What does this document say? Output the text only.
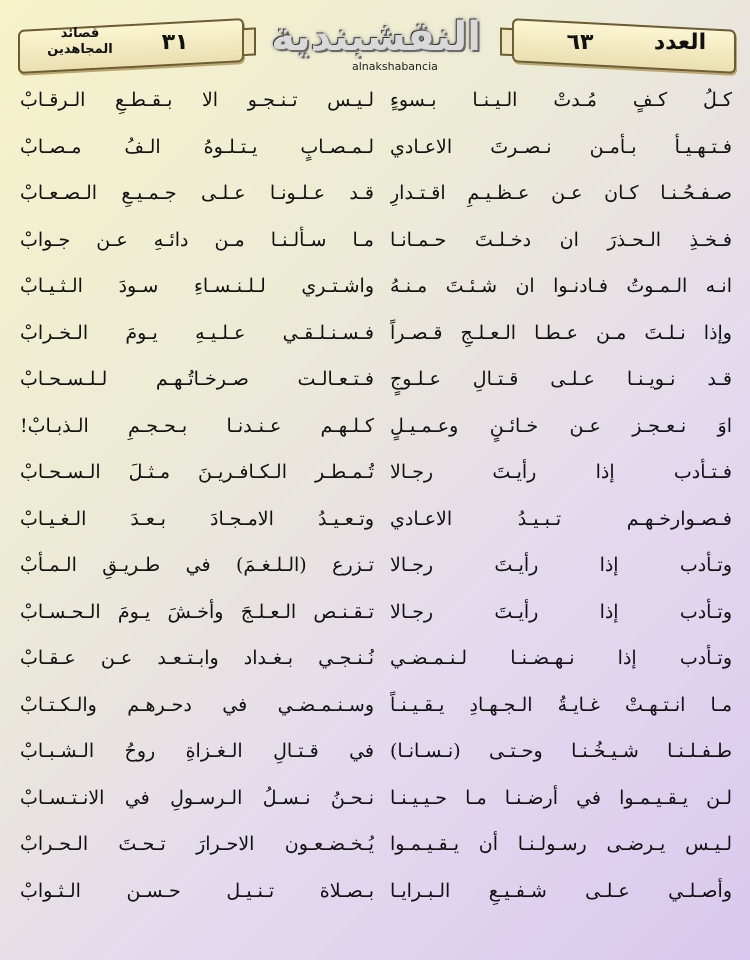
قصائد المجاهدين	٣١	النقشبندية
alnakshabancia
٦٣	العدد
كـلُ كـفٍ مُـدتْ الـيـنـا بـسوءٍ
لـيـس تـنـجـو الا بـقـطـعِ الـرقـابْ
فـتـهـيـأ بـأمـن نـصـرتَ الاعـادي
لـمـصـابٍ يـتـلـوهُ الـفُ مـصـابْ
صـفـحُـنـا كـان عـن عـظـيـمِ اقـتـدارِ
قـد عـلـونـا عـلـى جـمـيـعِ الـصـعـابْ
فـخـذِ الـحـذرَ ان دخـلـتَ حـمـانـا
مـا سـألـنـا مـن دائـهِ عـن جـوابْ
انـه الـمـوتُ فـادنـوا ان شـئـتَ مـنـهُ
واشـتـري لـلـنـسـاءِ سـودَ الـثـيـابْ
وإذا نـلـتَ مـن عـطـا الـعـلـجِ قـصـراً
فـسـنـلـقـي عـلـيـهِ يـومَ الـخـرابْ
قـد نـويـنـا عـلـى قـتـالِ عـلـوجٍ
فـتـعـالـت صـرخـاتُـهـم لـلـسـحـابْ
اوَ نـعـجـز عـن خـائـنٍ وعـمـيـلٍ
كـلـهـم عـنـدنـا بـحـجـمِ الـذبـابْ!
فـتـأدب إذا رأيـتَ رجـالا
تُـمـطـر الـكـافـريـنَ مـثـلَ الـسـحـابْ
فـصـوارخـهـم تـبـيـدُ الاعـادي
وتـعـيـدُ الامـجـادَ بـعـدَ الـغـيـابْ
وتـأدب إذا رأيـتَ رجـالا
تـزرع (الـلـغـمَ) في طـريـقِ الـمـأبْ
وتـأدب إذا رأيـتَ رجـالا
تـقـنـص الـعـلـجَ وأخـشَ يـومَ الـحـسـابْ
وتـأدب إذا نـهـضـنـا لـنـمـضـي
نُـنـجـي بـغـداد وابـتـعـد عـن عـقـابْ
مـا انـتـهـتْ غـايـةُ الـجـهـادِ يـقـيـنـاً
وسـنـمـضـي في دحـرهـم والـكـتـابْ
طـفـلـنـا شـيـخُـنـا وحـتـى (نـسـانـا)
في قـتـالِ الـغـزاةِ روحُ الـشـبـابْ
لـن يـقـيـمـوا في أرضـنـا مـا حـيـيـنـا
نـحـنُ نـسـلُ الـرسـولِ في الانـتـسـابْ
لـيـس يـرضـى رسـولـنـا أن يـقـيـمـوا
يُـخـضـعـون الاحـرارَ تـحـتَ الـحـرابْ
وأصـلـي عـلـى شـفـيـعِ الـبـرايـا
بـصـلاة تـنـيـل حـسـن الـثـوابْ
